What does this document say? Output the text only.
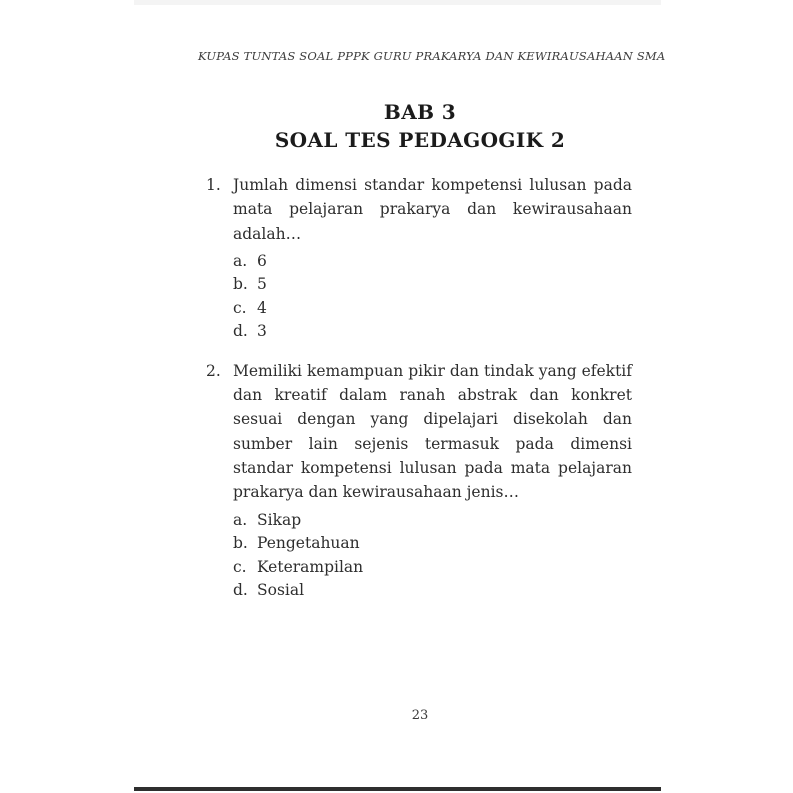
KUPAS TUNTAS SOAL PPPK GURU PRAKARYA DAN KEWIRAUSAHAAN SMA
BAB 3
SOAL TES PEDAGOGIK 2
1. Jumlah dimensi standar kompetensi lulusan pada mata pelajaran prakarya dan kewirausahaan adalah…
a. 6
b. 5
c. 4
d. 3
2. Memiliki kemampuan pikir dan tindak yang efektif dan kreatif dalam ranah abstrak dan konkret sesuai dengan yang dipelajari disekolah dan sumber lain sejenis termasuk pada dimensi standar kompetensi lulusan pada mata pelajaran prakarya dan kewirausahaan jenis…
a. Sikap
b. Pengetahuan
c. Keterampilan
d. Sosial
23
